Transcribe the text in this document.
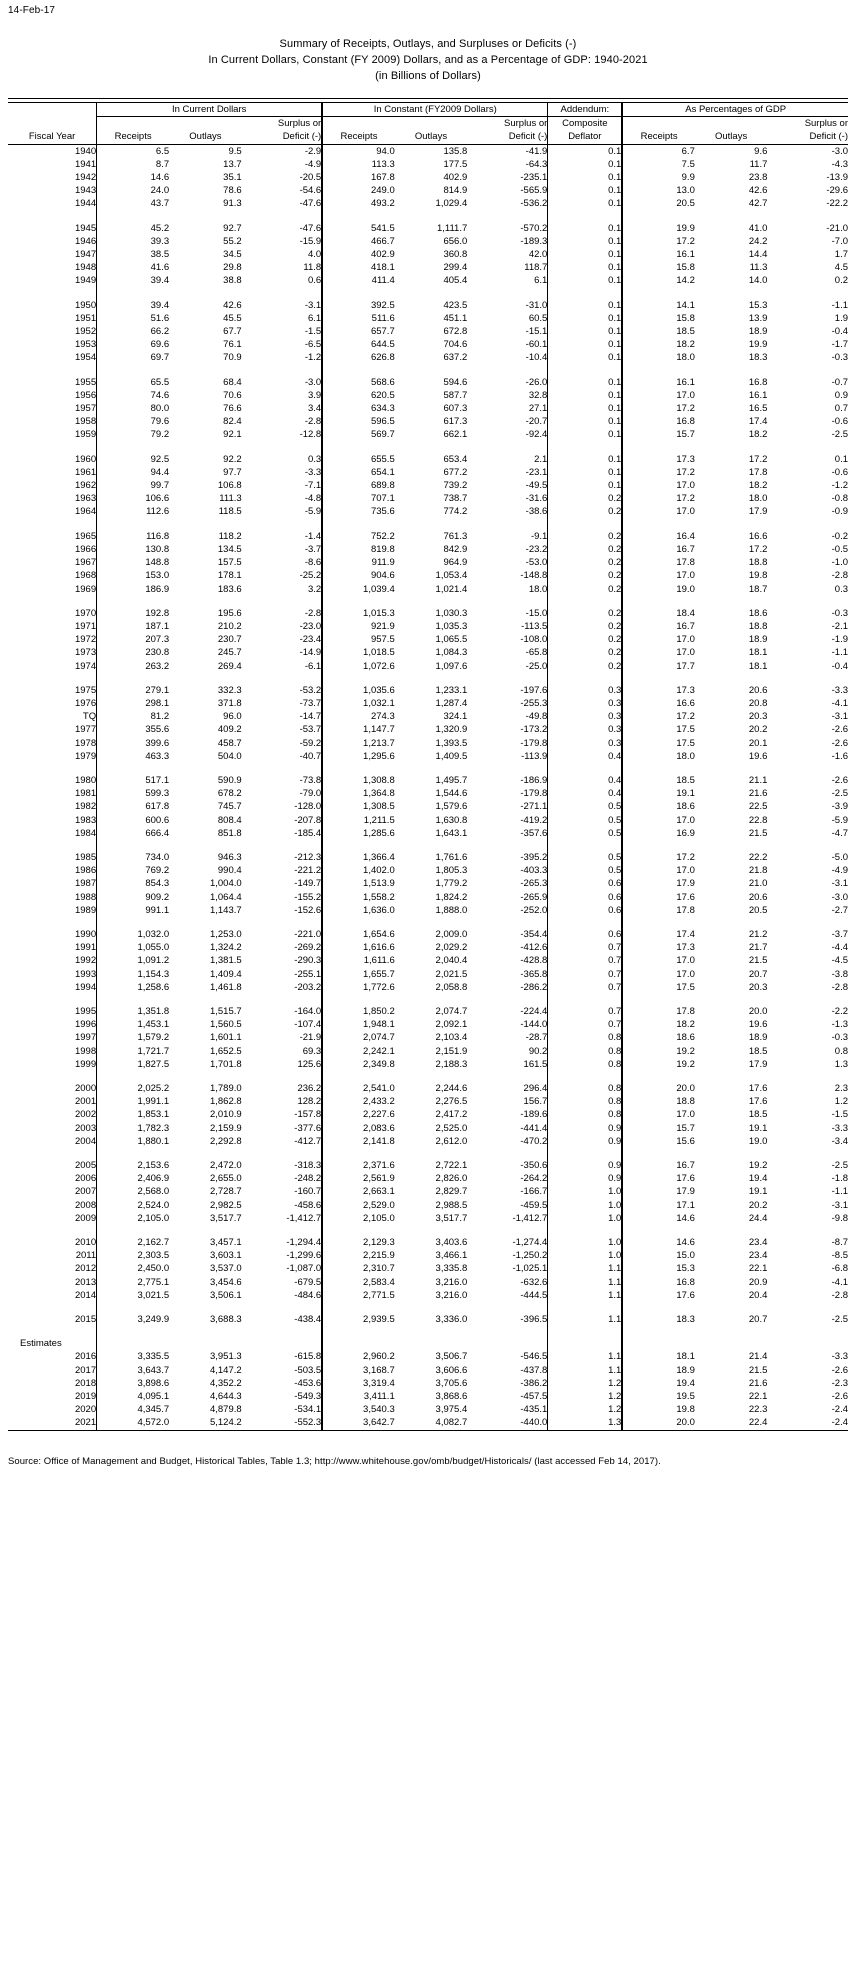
14-Feb-17
Summary of Receipts, Outlays, and Surpluses or Deficits (-)
In Current Dollars, Constant (FY 2009) Dollars, and as a Percentage of GDP: 1940-2021
(in Billions of Dollars)

	In Current Dollars			In Constant (FY2009 Dollars)			Addendum:	As Percentages of GDP		
			Surplus or			Surplus or	Composite			Surplus or
Fiscal Year	Receipts	Outlays	Deficit (-)	Receipts	Outlays	Deficit (-)	Deflator	Receipts	Outlays	Deficit (-)
1940	6.5	9.5	-2.9	94.0	135.8	-41.9	0.1	6.7	9.6	-3.0
1941	8.7	13.7	-4.9	113.3	177.5	-64.3	0.1	7.5	11.7	-4.3
1942	14.6	35.1	-20.5	167.8	402.9	-235.1	0.1	9.9	23.8	-13.9
1943	24.0	78.6	-54.6	249.0	814.9	-565.9	0.1	13.0	42.6	-29.6
1944	43.7	91.3	-47.6	493.2	1,029.4	-536.2	0.1	20.5	42.7	-22.2

1945	45.2	92.7	-47.6	541.5	1,111.7	-570.2	0.1	19.9	41.0	-21.0
1946	39.3	55.2	-15.9	466.7	656.0	-189.3	0.1	17.2	24.2	-7.0
1947	38.5	34.5	4.0	402.9	360.8	42.0	0.1	16.1	14.4	1.7
1948	41.6	29.8	11.8	418.1	299.4	118.7	0.1	15.8	11.3	4.5
1949	39.4	38.8	0.6	411.4	405.4	6.1	0.1	14.2	14.0	0.2

1950	39.4	42.6	-3.1	392.5	423.5	-31.0	0.1	14.1	15.3	-1.1
1951	51.6	45.5	6.1	511.6	451.1	60.5	0.1	15.8	13.9	1.9
1952	66.2	67.7	-1.5	657.7	672.8	-15.1	0.1	18.5	18.9	-0.4
1953	69.6	76.1	-6.5	644.5	704.6	-60.1	0.1	18.2	19.9	-1.7
1954	69.7	70.9	-1.2	626.8	637.2	-10.4	0.1	18.0	18.3	-0.3

1955	65.5	68.4	-3.0	568.6	594.6	-26.0	0.1	16.1	16.8	-0.7
1956	74.6	70.6	3.9	620.5	587.7	32.8	0.1	17.0	16.1	0.9
1957	80.0	76.6	3.4	634.3	607.3	27.1	0.1	17.2	16.5	0.7
1958	79.6	82.4	-2.8	596.5	617.3	-20.7	0.1	16.8	17.4	-0.6
1959	79.2	92.1	-12.8	569.7	662.1	-92.4	0.1	15.7	18.2	-2.5

1960	92.5	92.2	0.3	655.5	653.4	2.1	0.1	17.3	17.2	0.1
1961	94.4	97.7	-3.3	654.1	677.2	-23.1	0.1	17.2	17.8	-0.6
1962	99.7	106.8	-7.1	689.8	739.2	-49.5	0.1	17.0	18.2	-1.2
1963	106.6	111.3	-4.8	707.1	738.7	-31.6	0.2	17.2	18.0	-0.8
1964	112.6	118.5	-5.9	735.6	774.2	-38.6	0.2	17.0	17.9	-0.9

1965	116.8	118.2	-1.4	752.2	761.3	-9.1	0.2	16.4	16.6	-0.2
1966	130.8	134.5	-3.7	819.8	842.9	-23.2	0.2	16.7	17.2	-0.5
1967	148.8	157.5	-8.6	911.9	964.9	-53.0	0.2	17.8	18.8	-1.0
1968	153.0	178.1	-25.2	904.6	1,053.4	-148.8	0.2	17.0	19.8	-2.8
1969	186.9	183.6	3.2	1,039.4	1,021.4	18.0	0.2	19.0	18.7	0.3

1970	192.8	195.6	-2.8	1,015.3	1,030.3	-15.0	0.2	18.4	18.6	-0.3
1971	187.1	210.2	-23.0	921.9	1,035.3	-113.5	0.2	16.7	18.8	-2.1
1972	207.3	230.7	-23.4	957.5	1,065.5	-108.0	0.2	17.0	18.9	-1.9
1973	230.8	245.7	-14.9	1,018.5	1,084.3	-65.8	0.2	17.0	18.1	-1.1
1974	263.2	269.4	-6.1	1,072.6	1,097.6	-25.0	0.2	17.7	18.1	-0.4

1975	279.1	332.3	-53.2	1,035.6	1,233.1	-197.6	0.3	17.3	20.6	-3.3
1976	298.1	371.8	-73.7	1,032.1	1,287.4	-255.3	0.3	16.6	20.8	-4.1
TQ	81.2	96.0	-14.7	274.3	324.1	-49.8	0.3	17.2	20.3	-3.1
1977	355.6	409.2	-53.7	1,147.7	1,320.9	-173.2	0.3	17.5	20.2	-2.6
1978	399.6	458.7	-59.2	1,213.7	1,393.5	-179.8	0.3	17.5	20.1	-2.6
1979	463.3	504.0	-40.7	1,295.6	1,409.5	-113.9	0.4	18.0	19.6	-1.6

1980	517.1	590.9	-73.8	1,308.8	1,495.7	-186.9	0.4	18.5	21.1	-2.6
1981	599.3	678.2	-79.0	1,364.8	1,544.6	-179.8	0.4	19.1	21.6	-2.5
1982	617.8	745.7	-128.0	1,308.5	1,579.6	-271.1	0.5	18.6	22.5	-3.9
1983	600.6	808.4	-207.8	1,211.5	1,630.8	-419.2	0.5	17.0	22.8	-5.9
1984	666.4	851.8	-185.4	1,285.6	1,643.1	-357.6	0.5	16.9	21.5	-4.7

1985	734.0	946.3	-212.3	1,366.4	1,761.6	-395.2	0.5	17.2	22.2	-5.0
1986	769.2	990.4	-221.2	1,402.0	1,805.3	-403.3	0.5	17.0	21.8	-4.9
1987	854.3	1,004.0	-149.7	1,513.9	1,779.2	-265.3	0.6	17.9	21.0	-3.1
1988	909.2	1,064.4	-155.2	1,558.2	1,824.2	-265.9	0.6	17.6	20.6	-3.0
1989	991.1	1,143.7	-152.6	1,636.0	1,888.0	-252.0	0.6	17.8	20.5	-2.7

1990	1,032.0	1,253.0	-221.0	1,654.6	2,009.0	-354.4	0.6	17.4	21.2	-3.7
1991	1,055.0	1,324.2	-269.2	1,616.6	2,029.2	-412.6	0.7	17.3	21.7	-4.4
1992	1,091.2	1,381.5	-290.3	1,611.6	2,040.4	-428.8	0.7	17.0	21.5	-4.5
1993	1,154.3	1,409.4	-255.1	1,655.7	2,021.5	-365.8	0.7	17.0	20.7	-3.8
1994	1,258.6	1,461.8	-203.2	1,772.6	2,058.8	-286.2	0.7	17.5	20.3	-2.8

1995	1,351.8	1,515.7	-164.0	1,850.2	2,074.7	-224.4	0.7	17.8	20.0	-2.2
1996	1,453.1	1,560.5	-107.4	1,948.1	2,092.1	-144.0	0.7	18.2	19.6	-1.3
1997	1,579.2	1,601.1	-21.9	2,074.7	2,103.4	-28.7	0.8	18.6	18.9	-0.3
1998	1,721.7	1,652.5	69.3	2,242.1	2,151.9	90.2	0.8	19.2	18.5	0.8
1999	1,827.5	1,701.8	125.6	2,349.8	2,188.3	161.5	0.8	19.2	17.9	1.3

2000	2,025.2	1,789.0	236.2	2,541.0	2,244.6	296.4	0.8	20.0	17.6	2.3
2001	1,991.1	1,862.8	128.2	2,433.2	2,276.5	156.7	0.8	18.8	17.6	1.2
2002	1,853.1	2,010.9	-157.8	2,227.6	2,417.2	-189.6	0.8	17.0	18.5	-1.5
2003	1,782.3	2,159.9	-377.6	2,083.6	2,525.0	-441.4	0.9	15.7	19.1	-3.3
2004	1,880.1	2,292.8	-412.7	2,141.8	2,612.0	-470.2	0.9	15.6	19.0	-3.4

2005	2,153.6	2,472.0	-318.3	2,371.6	2,722.1	-350.6	0.9	16.7	19.2	-2.5
2006	2,406.9	2,655.0	-248.2	2,561.9	2,826.0	-264.2	0.9	17.6	19.4	-1.8
2007	2,568.0	2,728.7	-160.7	2,663.1	2,829.7	-166.7	1.0	17.9	19.1	-1.1
2008	2,524.0	2,982.5	-458.6	2,529.0	2,988.5	-459.5	1.0	17.1	20.2	-3.1
2009	2,105.0	3,517.7	-1,412.7	2,105.0	3,517.7	-1,412.7	1.0	14.6	24.4	-9.8

2010	2,162.7	3,457.1	-1,294.4	2,129.3	3,403.6	-1,274.4	1.0	14.6	23.4	-8.7
2011	2,303.5	3,603.1	-1,299.6	2,215.9	3,466.1	-1,250.2	1.0	15.0	23.4	-8.5
2012	2,450.0	3,537.0	-1,087.0	2,310.7	3,335.8	-1,025.1	1.1	15.3	22.1	-6.8
2013	2,775.1	3,454.6	-679.5	2,583.4	3,216.0	-632.6	1.1	16.8	20.9	-4.1
2014	3,021.5	3,506.1	-484.6	2,771.5	3,216.0	-444.5	1.1	17.6	20.4	-2.8

2015	3,249.9	3,688.3	-438.4	2,939.5	3,336.0	-396.5	1.1	18.3	20.7	-2.5

Estimates										
2016	3,335.5	3,951.3	-615.8	2,960.2	3,506.7	-546.5	1.1	18.1	21.4	-3.3
2017	3,643.7	4,147.2	-503.5	3,168.7	3,606.6	-437.8	1.1	18.9	21.5	-2.6
2018	3,898.6	4,352.2	-453.6	3,319.4	3,705.6	-386.2	1.2	19.4	21.6	-2.3
2019	4,095.1	4,644.3	-549.3	3,411.1	3,868.6	-457.5	1.2	19.5	22.1	-2.6
2020	4,345.7	4,879.8	-534.1	3,540.3	3,975.4	-435.1	1.2	19.8	22.3	-2.4
2021	4,572.0	5,124.2	-552.3	3,642.7	4,082.7	-440.0	1.3	20.0	22.4	-2.4

Source: Office of Management and Budget, Historical Tables, Table 1.3; http://www.whitehouse.gov/omb/budget/Historicals/ (last accessed Feb 14, 2017).
